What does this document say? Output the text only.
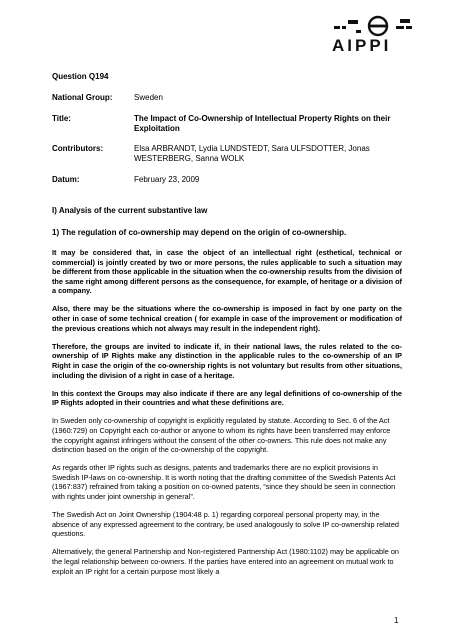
AIPPI
Question Q194
National Group:	Sweden
Title:	The Impact of Co-Ownership of Intellectual Property Rights on their Exploitation
Contributors:	Elsa ARBRANDT, Lydia LUNDSTEDT, Sara ULFSDOTTER, Jonas WESTERBERG, Sanna WOLK
Datum:	February 23, 2009
I) Analysis of the current substantive law
1) The regulation of co-ownership may depend on the origin of co-ownership.

It may be considered that, in case the object of an intellectual right (esthetical, technical or commercial) is jointly created by two or more persons, the rules applicable to such a situation may be different from those applicable in the situation when the co-ownership results from the division of the same right among different persons as the consequence, for example, of heritage or a division of a company.

Also, there may be the situations where the co-ownership is imposed in fact by one party on the other in case of some technical creation ( for example in case of the improvement or modification of the previous creations which not always may result in the independent right).

Therefore, the groups are invited to indicate if, in their national laws, the rules related to the co-ownership of IP Rights make any distinction in the applicable rules to the co-ownership of an IP Right in case the origin of the co-ownership rights is not voluntary but results from other situations, including the division of a right in case of a heritage.

In this context the Groups may also indicate if there are any legal definitions of co-ownership of the IP Rights adopted in their countries and what these definitions are.

In Sweden only co-ownership of copyright is explicitly regulated by statute. According to Sec. 6 of the Act (1960:729) on Copyright each co-author or anyone to whom its rights have been transferred may enforce the copyright against infringers without the consent of the other co-owners. This rule does not make any distinction based on the origin of the co-ownership of the copyright.

As regards other IP rights such as designs, patents and trademarks there are no explicit provisions in Swedish IP-laws on co-ownership. It is worth noting that the drafting committee of the Swedish Patents Act (1967:837) refrained from taking a position on co-owned patents, “since they should be seen in connection with rights under joint ownership in general”.

The Swedish Act on Joint Ownership (1904:48 p. 1) regarding corporeal personal property may, in the absence of any expressed agreement to the contrary, be used analogously to solve IP co-ownership related questions.

Alternatively, the general Partnership and Non-registered Partnership Act (1980:1102) may be applicable on the legal relationship between co-owners. If the parties have entered into an agreement on mutual work to exploit an IP right for a certain purpose most likely a

1
